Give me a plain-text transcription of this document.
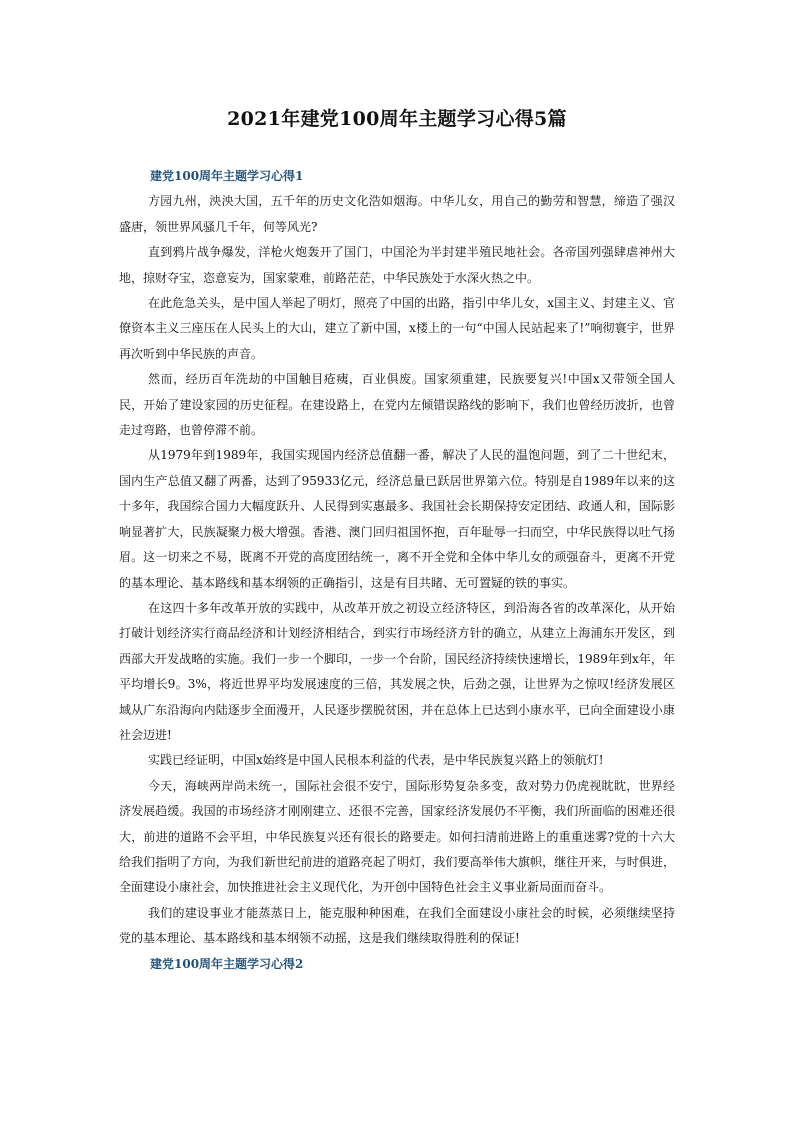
2021年建党100周年主题学习心得5篇
建党100周年主题学习心得1

方园九州，泱泱大国，五千年的历史文化浩如烟海。中华儿女，用自己的勤劳和智慧，缔造了强汉盛唐，领世界风骚几千年，何等风光?

直到鸦片战争爆发，洋枪火炮轰开了国门，中国沦为半封建半殖民地社会。各帝国列强肆虐神州大地，掠财夺宝，恣意妄为，国家蒙难，前路茫茫，中华民族处于水深火热之中。

在此危急关头，是中国人举起了明灯，照亮了中国的出路，指引中华儿女，x国主义、封建主义、官僚资本主义三座压在人民头上的大山，建立了新中国，x楼上的一句“中国人民站起来了!”响彻寰宇，世界再次听到中华民族的声音。

然而，经历百年洗劫的中国触目疮痍，百业俱废。国家须重建，民族要复兴!中国x又带领全国人民，开始了建设家园的历史征程。在建设路上，在党内左倾错误路线的影响下，我们也曾经历波折，也曾走过弯路，也曾停滞不前。

从1979年到1989年，我国实现国内经济总值翻一番，解决了人民的温饱问题，到了二十世纪末，国内生产总值又翻了两番，达到了95933亿元，经济总量已跃居世界第六位。特别是自1989年以来的这十多年，我国综合国力大幅度跃升、人民得到实惠最多、我国社会长期保持安定团结、政通人和，国际影响显著扩大，民族凝聚力极大增强。香港、澳门回归祖国怀抱，百年耻辱一扫而空，中华民族得以吐气扬眉。这一切来之不易，既离不开党的高度团结统一，离不开全党和全体中华儿女的顽强奋斗，更离不开党的基本理论、基本路线和基本纲领的正确指引，这是有目共睹、无可置疑的铁的事实。

在这四十多年改革开放的实践中，从改革开放之初设立经济特区，到沿海各省的改革深化，从开始打破计划经济实行商品经济和计划经济相结合，到实行市场经济方针的确立，从建立上海浦东开发区，到西部大开发战略的实施。我们一步一个脚印，一步一个台阶，国民经济持续快速增长，1989年到x年，年平均增长9。3%，将近世界平均发展速度的三倍，其发展之快，后劲之强，让世界为之惊叹!经济发展区域从广东沿海向内陆逐步全面漫开，人民逐步摆脱贫困，并在总体上已达到小康水平，已向全面建设小康社会迈进!

实践已经证明，中国x始终是中国人民根本利益的代表，是中华民族复兴路上的领航灯!

今天，海峡两岸尚未统一，国际社会很不安宁，国际形势复杂多变，敌对势力仍虎视眈眈，世界经济发展趋缓。我国的市场经济才刚刚建立、还很不完善，国家经济发展仍不平衡，我们所面临的困难还很大，前进的道路不会平坦，中华民族复兴还有很长的路要走。如何扫清前进路上的重重迷雾?党的十六大给我们指明了方向，为我们新世纪前进的道路亮起了明灯，我们要高举伟大旗帜，继往开来，与时俱进，全面建设小康社会，加快推进社会主义现代化，为开创中国特色社会主义事业新局面而奋斗。

我们的建设事业才能蒸蒸日上，能克服种种困难，在我们全面建设小康社会的时候，必须继续坚持党的基本理论、基本路线和基本纲领不动摇，这是我们继续取得胜利的保证!

建党100周年主题学习心得2
